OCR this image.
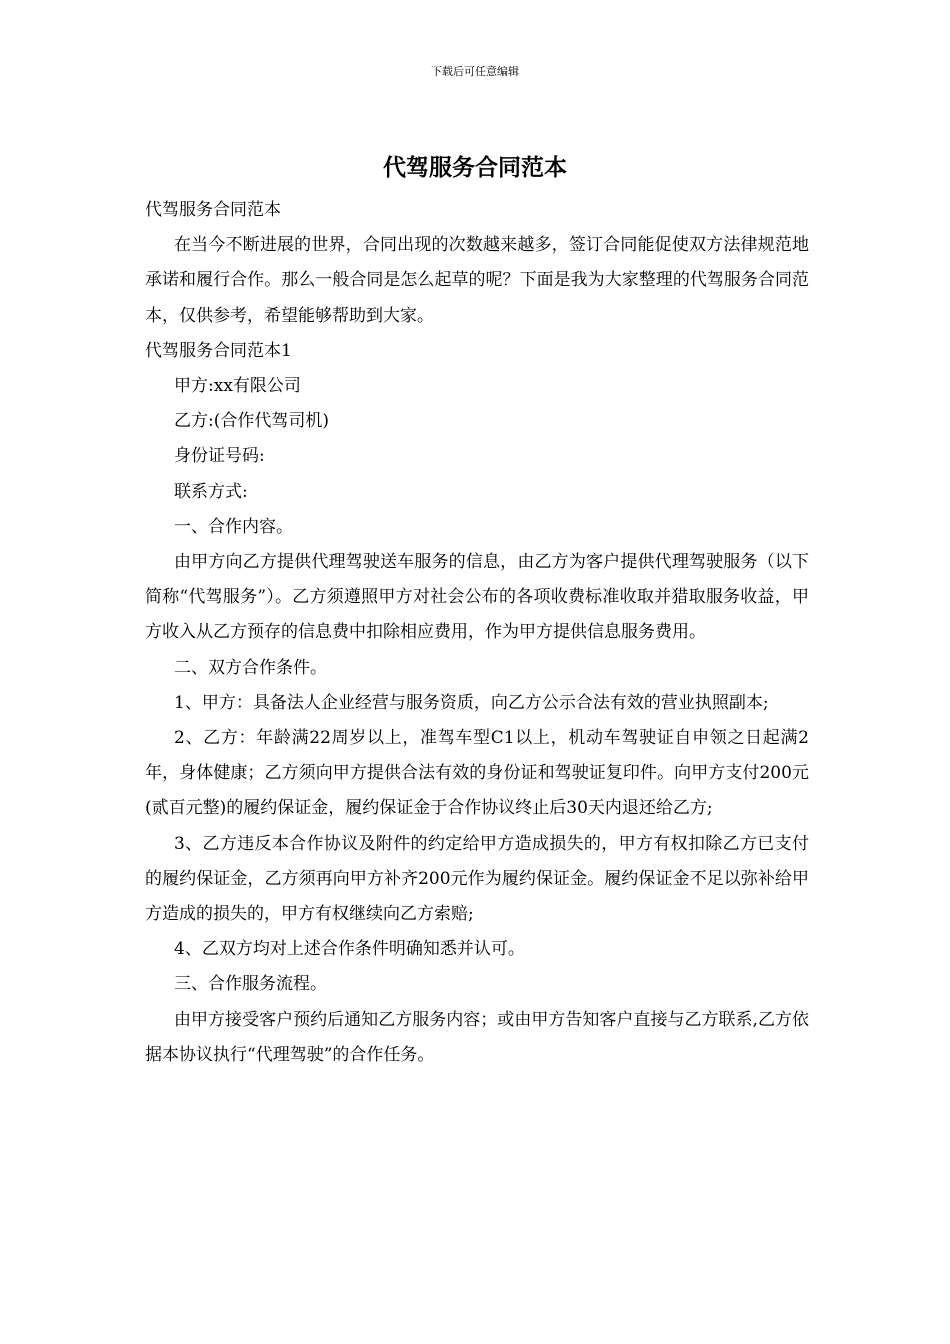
下载后可任意编辑
代驾服务合同范本

代驾服务合同范本

在当今不断进展的世界，合同出现的次数越来越多，签订合同能促使双方法律规范地承诺和履行合作。那么一般合同是怎么起草的呢？下面是我为大家整理的代驾服务合同范本，仅供参考，希望能够帮助到大家。

代驾服务合同范本1

甲方:xx有限公司

乙方:(合作代驾司机)

身份证号码:

联系方式:

一、合作内容。

由甲方向乙方提供代理驾驶送车服务的信息，由乙方为客户提供代理驾驶服务（以下简称“代驾服务”）。乙方须遵照甲方对社会公布的各项收费标准收取并猎取服务收益，甲方收入从乙方预存的信息费中扣除相应费用，作为甲方提供信息服务费用。

二、双方合作条件。

1、甲方：具备法人企业经营与服务资质，向乙方公示合法有效的营业执照副本;

2、乙方：年龄满22周岁以上，准驾车型C1以上，机动车驾驶证自申领之日起满2年，身体健康；乙方须向甲方提供合法有效的身份证和驾驶证复印件。向甲方支付200元(贰百元整)的履约保证金，履约保证金于合作协议终止后30天内退还给乙方;

3、乙方违反本合作协议及附件的约定给甲方造成损失的，甲方有权扣除乙方已支付的履约保证金，乙方须再向甲方补齐200元作为履约保证金。履约保证金不足以弥补给甲方造成的损失的，甲方有权继续向乙方索赔;

4、乙双方均对上述合作条件明确知悉并认可。

三、合作服务流程。

由甲方接受客户预约后通知乙方服务内容；或由甲方告知客户直接与乙方联系,乙方依据本协议执行“代理驾驶”的合作任务。
